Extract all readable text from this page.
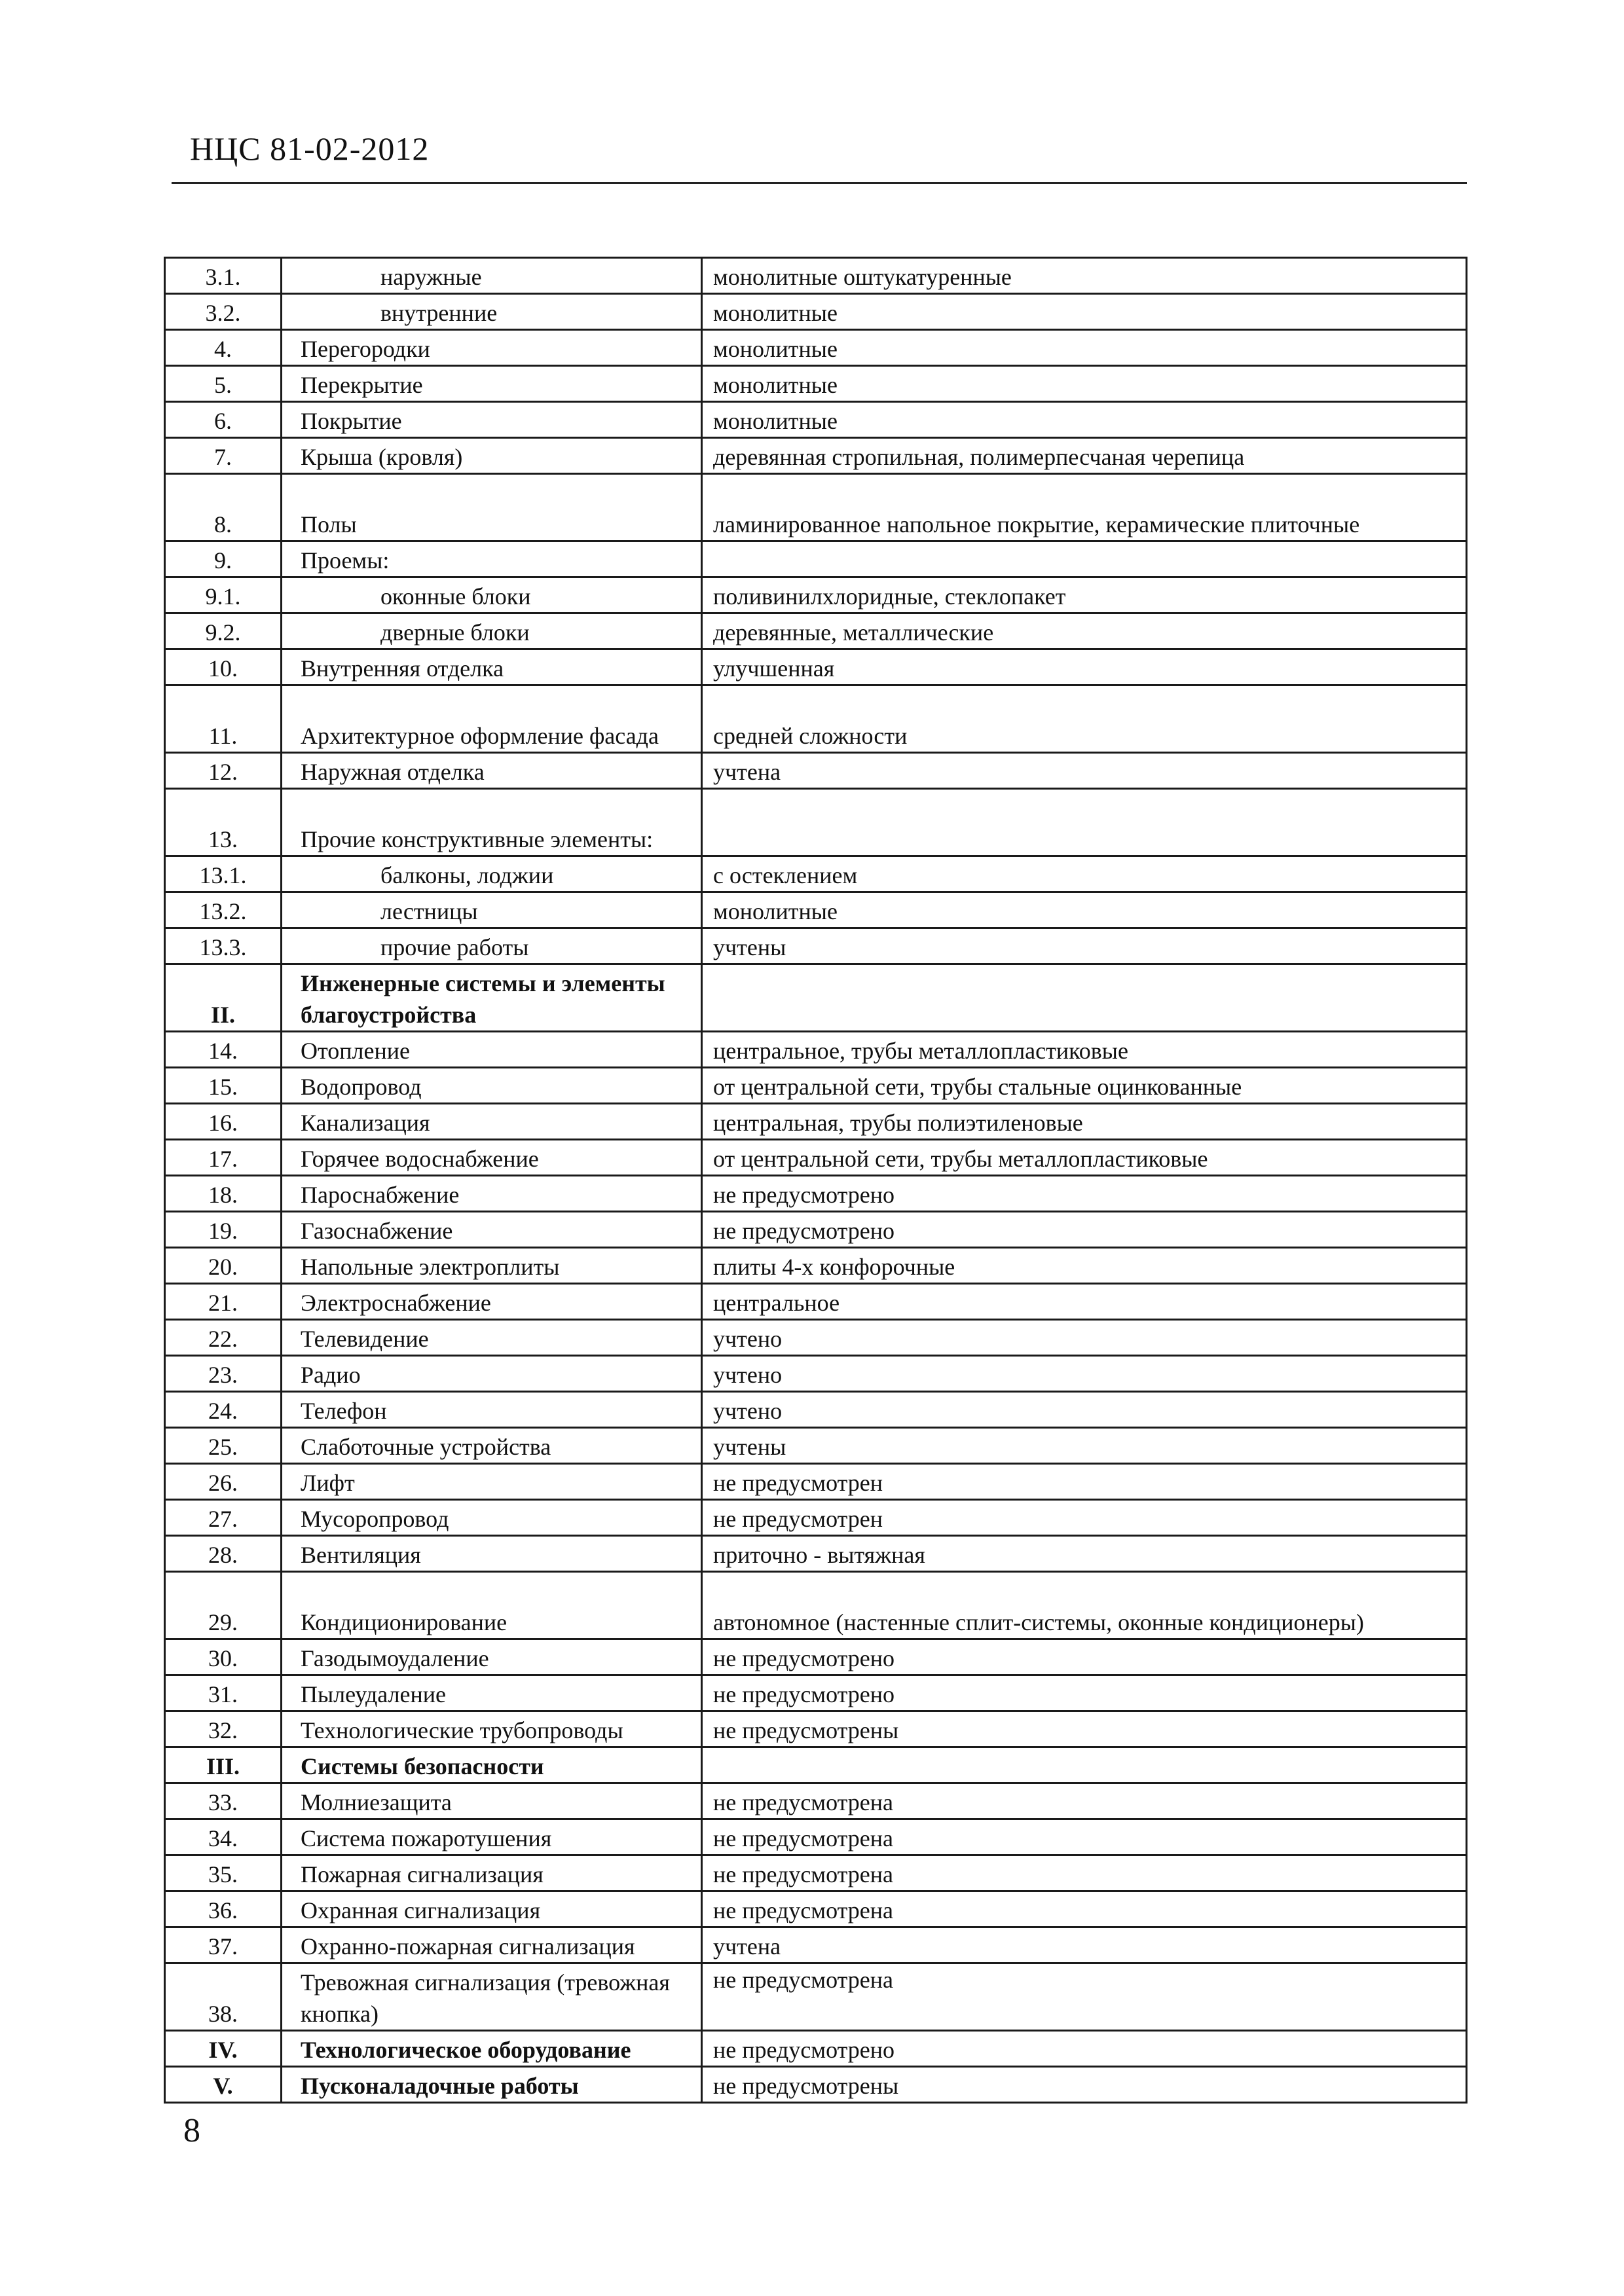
НЦС 81-02-2012
3.1.	наружные	монолитные оштукатуренные
3.2.	внутренние	монолитные
4.	Перегородки	монолитные
5.	Перекрытие	монолитные
6.	Покрытие	монолитные
7.	Крыша (кровля)	деревянная стропильная, полимерпесчаная черепица
8.	Полы	ламинированное напольное покрытие, керамические плиточные
9.	Проемы:	
9.1.	оконные блоки	поливинилхлоридные, стеклопакет
9.2.	дверные блоки	деревянные, металлические
10.	Внутренняя отделка	улучшенная
11.	Архитектурное оформление фасада	средней сложности
12.	Наружная отделка	учтена
13.	Прочие конструктивные элементы:	
13.1.	балконы, лоджии	с остеклением
13.2.	лестницы	монолитные
13.3.	прочие работы	учтены
II.	Инженерные системы и элементы благоустройства	
14.	Отопление	центральное, трубы металлопластиковые
15.	Водопровод	от центральной сети, трубы стальные оцинкованные
16.	Канализация	центральная, трубы полиэтиленовые
17.	Горячее водоснабжение	от центральной сети, трубы металлопластиковые
18.	Пароснабжение	не предусмотрено
19.	Газоснабжение	не предусмотрено
20.	Напольные электроплиты	плиты 4-х конфорочные
21.	Электроснабжение	центральное
22.	Телевидение	учтено
23.	Радио	учтено
24.	Телефон	учтено
25.	Слаботочные устройства	учтены
26.	Лифт	не предусмотрен
27.	Мусоропровод	не предусмотрен
28.	Вентиляция	приточно - вытяжная
29.	Кондиционирование	автономное (настенные сплит-системы, оконные кондиционеры)
30.	Газодымоудаление	не предусмотрено
31.	Пылеудаление	не предусмотрено
32.	Технологические трубопроводы	не предусмотрены
III.	Системы безопасности	
33.	Молниезащита	не предусмотрена
34.	Система пожаротушения	не предусмотрена
35.	Пожарная сигнализация	не предусмотрена
36.	Охранная сигнализация	не предусмотрена
37.	Охранно-пожарная сигнализация	учтена
38.	Тревожная сигнализация (тревожная кнопка)	не предусмотрена
IV.	Технологическое оборудование	не предусмотрено
V.	Пусконаладочные работы	не предусмотрены
8
